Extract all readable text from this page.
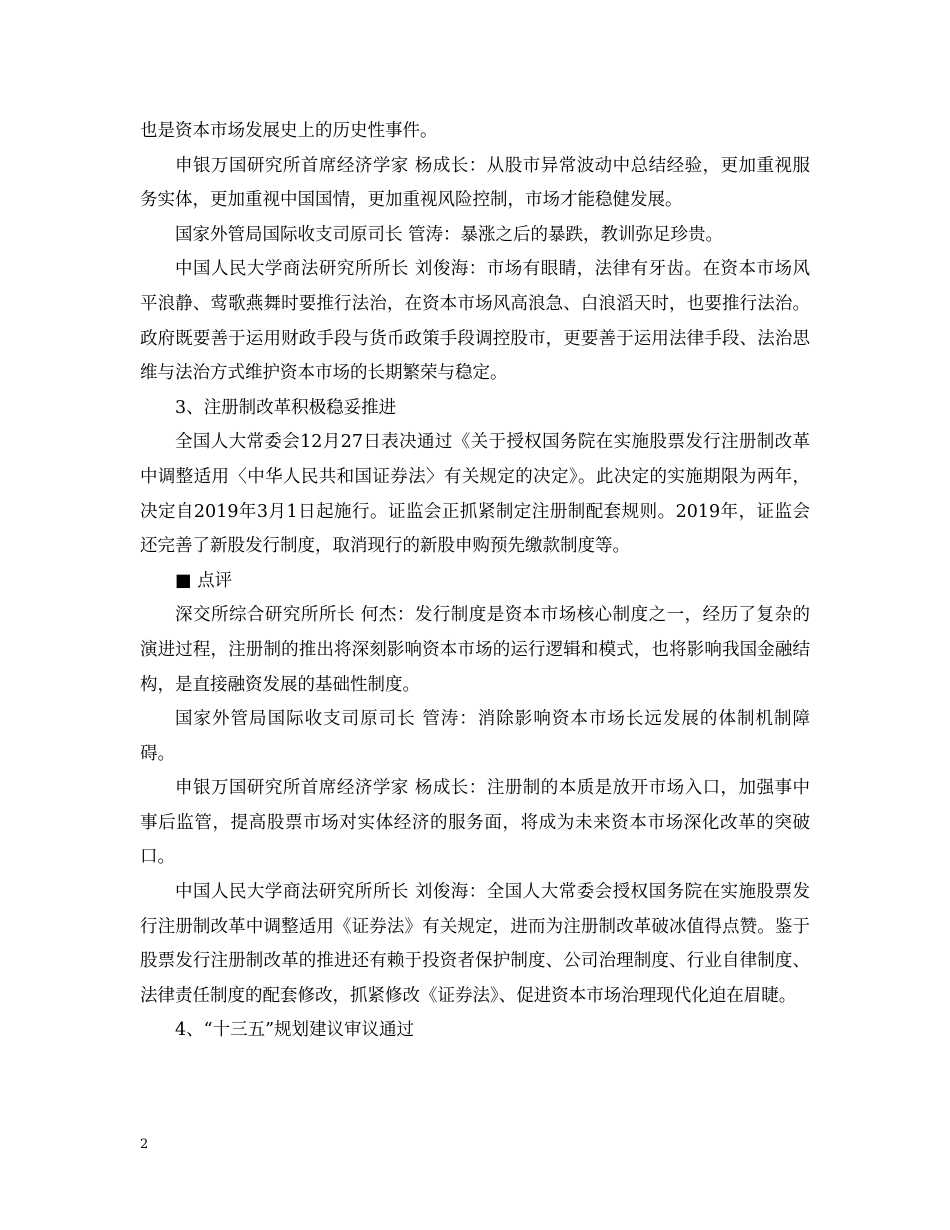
也是资本市场发展史上的历史性事件。

申银万国研究所首席经济学家 杨成长：从股市异常波动中总结经验，更加重视服务实体，更加重视中国国情，更加重视风险控制，市场才能稳健发展。

国家外管局国际收支司原司长 管涛：暴涨之后的暴跌，教训弥足珍贵。

中国人民大学商法研究所所长 刘俊海：市场有眼睛，法律有牙齿。在资本市场风平浪静、莺歌燕舞时要推行法治，在资本市场风高浪急、白浪滔天时，也要推行法治。政府既要善于运用财政手段与货币政策手段调控股市，更要善于运用法律手段、法治思维与法治方式维护资本市场的长期繁荣与稳定。

3、注册制改革积极稳妥推进

全国人大常委会12月27日表决通过《关于授权国务院在实施股票发行注册制改革中调整适用〈中华人民共和国证券法〉有关规定的决定》。此决定的实施期限为两年，决定自2019年3月1日起施行。证监会正抓紧制定注册制配套规则。2019年，证监会还完善了新股发行制度，取消现行的新股申购预先缴款制度等。

■ 点评

深交所综合研究所所长 何杰：发行制度是资本市场核心制度之一，经历了复杂的演进过程，注册制的推出将深刻影响资本市场的运行逻辑和模式，也将影响我国金融结构，是直接融资发展的基础性制度。

国家外管局国际收支司原司长 管涛：消除影响资本市场长远发展的体制机制障碍。

申银万国研究所首席经济学家 杨成长：注册制的本质是放开市场入口，加强事中事后监管，提高股票市场对实体经济的服务面，将成为未来资本市场深化改革的突破口。

中国人民大学商法研究所所长 刘俊海：全国人大常委会授权国务院在实施股票发行注册制改革中调整适用《证券法》有关规定，进而为注册制改革破冰值得点赞。鉴于股票发行注册制改革的推进还有赖于投资者保护制度、公司治理制度、行业自律制度、法律责任制度的配套修改，抓紧修改《证券法》、促进资本市场治理现代化迫在眉睫。

4、“十三五”规划建议审议通过

2
